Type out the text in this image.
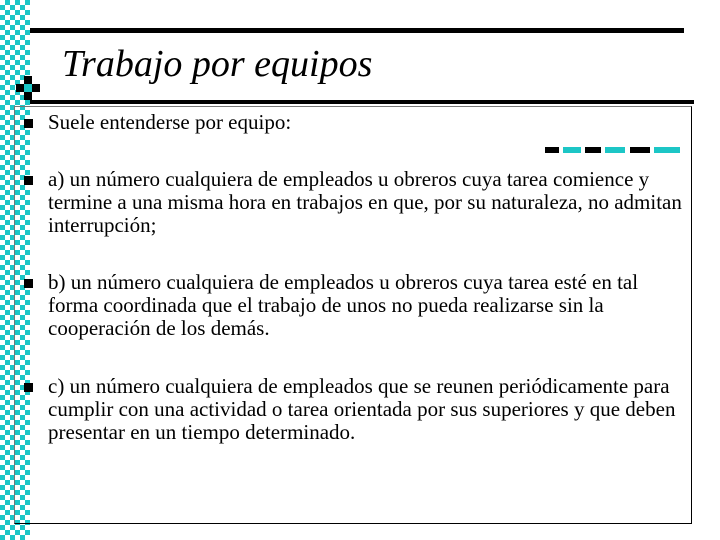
Trabajo por equipos
Suele entenderse por equipo:
a) un número cualquiera de empleados u obreros cuya tarea comience y termine a una misma hora en trabajos en que, por su naturaleza, no admitan interrupción;
b) un número cualquiera de empleados u obreros cuya tarea esté en tal forma coordinada que el trabajo de unos no pueda realizarse sin la cooperación de los demás.
c) un número cualquiera de empleados que se reunen periódicamente para cumplir con una actividad o tarea orientada por sus superiores y que deben presentar en un tiempo determinado.
